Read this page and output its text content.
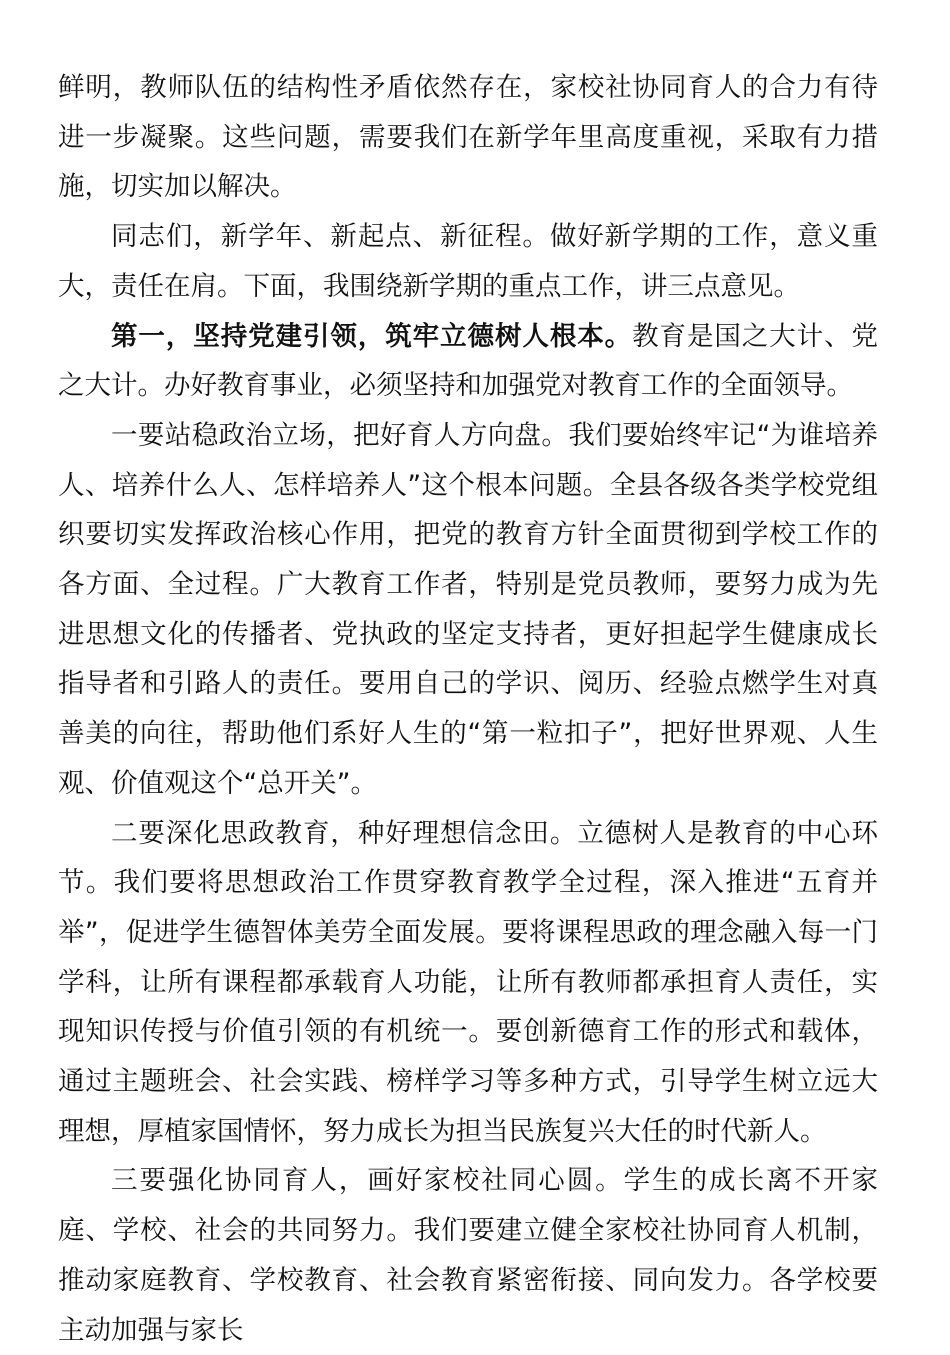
鲜明，教师队伍的结构性矛盾依然存在，家校社协同育人的合力有待进一步凝聚。这些问题，需要我们在新学年里高度重视，采取有力措施，切实加以解决。

同志们，新学年、新起点、新征程。做好新学期的工作，意义重大，责任在肩。下面，我围绕新学期的重点工作，讲三点意见。

第一，坚持党建引领，筑牢立德树人根本。教育是国之大计、党之大计。办好教育事业，必须坚持和加强党对教育工作的全面领导。

一要站稳政治立场，把好育人方向盘。我们要始终牢记“为谁培养人、培养什么人、怎样培养人”这个根本问题。全县各级各类学校党组织要切实发挥政治核心作用，把党的教育方针全面贯彻到学校工作的各方面、全过程。广大教育工作者，特别是党员教师，要努力成为先进思想文化的传播者、党执政的坚定支持者，更好担起学生健康成长指导者和引路人的责任。要用自己的学识、阅历、经验点燃学生对真善美的向往，帮助他们系好人生的“第一粒扣子”，把好世界观、人生观、价值观这个“总开关”。

二要深化思政教育，种好理想信念田。立德树人是教育的中心环节。我们要将思想政治工作贯穿教育教学全过程，深入推进“五育并举”，促进学生德智体美劳全面发展。要将课程思政的理念融入每一门学科，让所有课程都承载育人功能，让所有教师都承担育人责任，实现知识传授与价值引领的有机统一。要创新德育工作的形式和载体，通过主题班会、社会实践、榜样学习等多种方式，引导学生树立远大理想，厚植家国情怀，努力成长为担当民族复兴大任的时代新人。

三要强化协同育人，画好家校社同心圆。学生的成长离不开家庭、学校、社会的共同努力。我们要建立健全家校社协同育人机制，推动家庭教育、学校教育、社会教育紧密衔接、同向发力。各学校要主动加强与家长
